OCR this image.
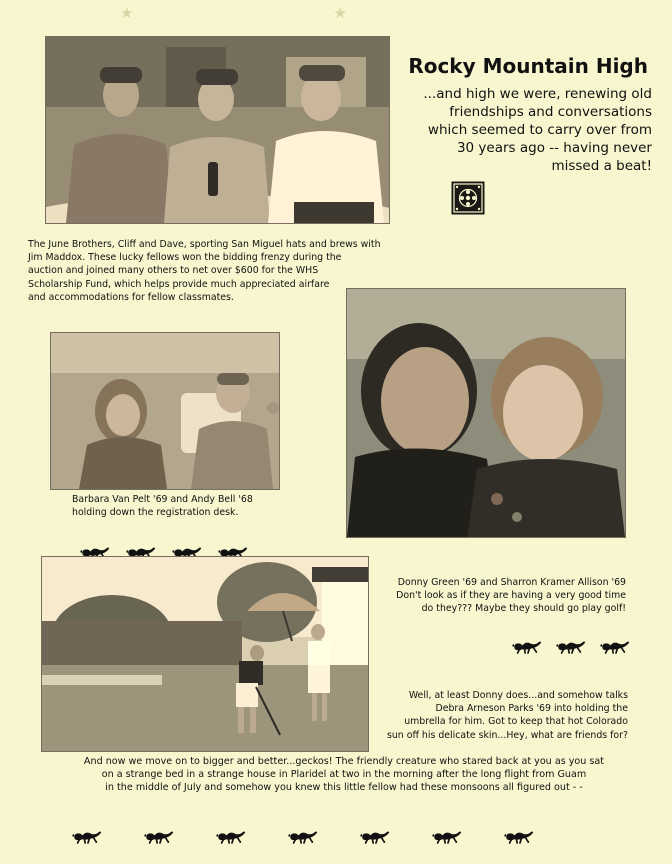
★                                ★
Rocky Mountain High
...and high we were, renewing old
friendships and conversations
which seemed to carry over from
30 years ago -- having never
missed a beat!
The June Brothers, Cliff and Dave, sporting San Miguel hats and brews with
Jim Maddox. These lucky fellows won the bidding frenzy during the
auction and joined many others to net over $600 for the WHS
Scholarship Fund, which helps provide much appreciated airfare
and accommodations for fellow classmates.
Barbara Van Pelt '69 and Andy Bell '68
holding down the registration desk.
Donny Green '69 and Sharron Kramer Allison '69
Don't look as if they are having a very good time
do they??? Maybe they should go play golf!
Well, at least Donny does...and somehow talks
Debra Arneson Parks '69 into holding the
umbrella for him. Got to keep that hot Colorado
sun off his delicate skin...Hey, what are friends for?
And now we move on to bigger and better...geckos! The friendly creature who stared back at you as you sat
on a strange bed in a strange house in Plaridel at two in the morning after the long flight from Guam
in the middle of July and somehow you knew this little fellow had these monsoons all figured out - -
